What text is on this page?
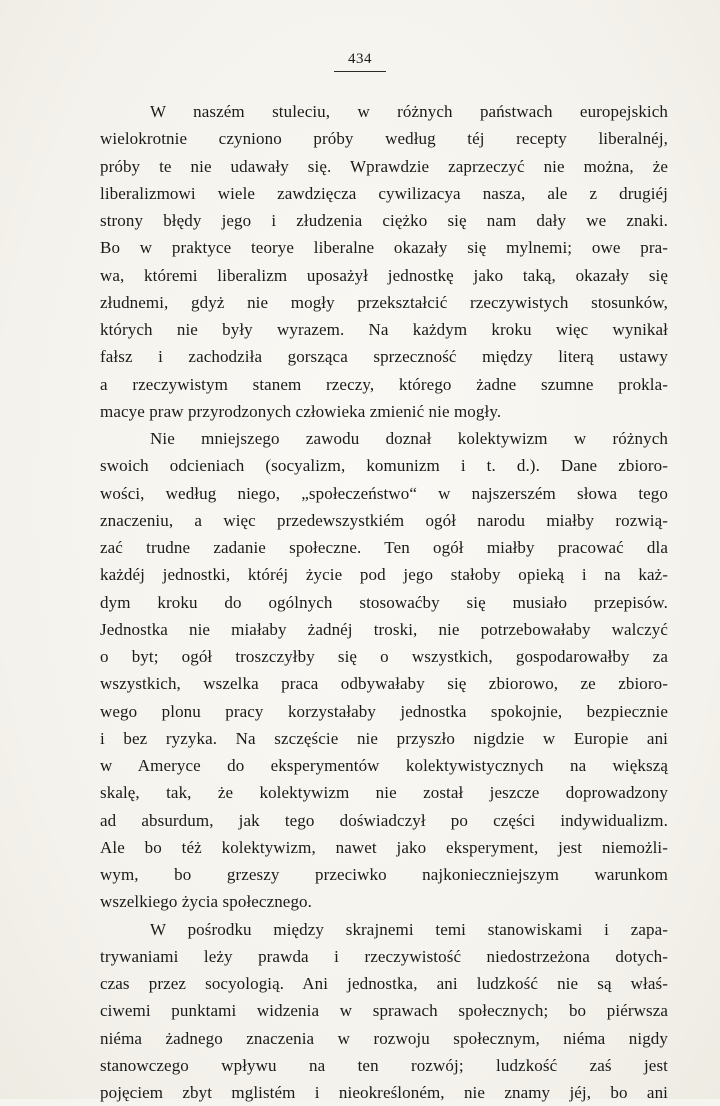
434
W naszém stuleciu, w różnych państwach europejskich
wielokrotnie czyniono próby według téj recepty liberalnéj,
próby te nie udawały się. Wprawdzie zaprzeczyć nie można, że
liberalizmowi wiele zawdzięcza cywilizacya nasza, ale z drugiéj
strony błędy jego i złudzenia ciężko się nam dały we znaki.
Bo w praktyce teorye liberalne okazały się mylnemi; owe pra-
wa, któremi liberalizm uposażył jednostkę jako taką, okazały się
złudnemi, gdyż nie mogły przekształcić rzeczywistych stosunków,
których nie były wyrazem. Na każdym kroku więc wynikał
fałsz i zachodziła gorsząca sprzeczność między literą ustawy
a rzeczywistym stanem rzeczy, którego żadne szumne prokla-
macye praw przyrodzonych człowieka zmienić nie mogły.
Nie mniejszego zawodu doznał kolektywizm w różnych
swoich odcieniach (socyalizm, komunizm i t. d.). Dane zbioro-
wości, według niego, „społeczeństwo“ w najszerszém słowa tego
znaczeniu, a więc przedewszystkiém ogół narodu miałby rozwią-
zać trudne zadanie społeczne. Ten ogół miałby pracować dla
każdéj jednostki, któréj życie pod jego stałoby opieką i na każ-
dym kroku do ogólnych stosowaćby się musiało przepisów.
Jednostka nie miałaby żadnéj troski, nie potrzebowałaby walczyć
o byt; ogół troszczyłby się o wszystkich, gospodarowałby za
wszystkich, wszelka praca odbywałaby się zbiorowo, ze zbioro-
wego plonu pracy korzystałaby jednostka spokojnie, bezpiecznie
i bez ryzyka. Na szczęście nie przyszło nigdzie w Europie ani
w Ameryce do eksperymentów kolektywistycznych na większą
skalę, tak, że kolektywizm nie został jeszcze doprowadzony
ad absurdum, jak tego doświadczył po części indywidualizm.
Ale bo téż kolektywizm, nawet jako eksperyment, jest niemożli-
wym, bo grzeszy przeciwko najkonieczniejszym warunkom
wszelkiego życia społecznego.
W pośrodku między skrajnemi temi stanowiskami i zapa-
trywaniami leży prawda i rzeczywistość niedostrzeżona dotych-
czas przez socyologią. Ani jednostka, ani ludzkość nie są właś-
ciwemi punktami widzenia w sprawach społecznych; bo piérwsza
niéma żadnego znaczenia w rozwoju społecznym, niéma nigdy
stanowczego wpływu na ten rozwój; ludzkość zaś jest
pojęciem zbyt mglistém i nieokreśloném, nie znamy jéj, bo ani
